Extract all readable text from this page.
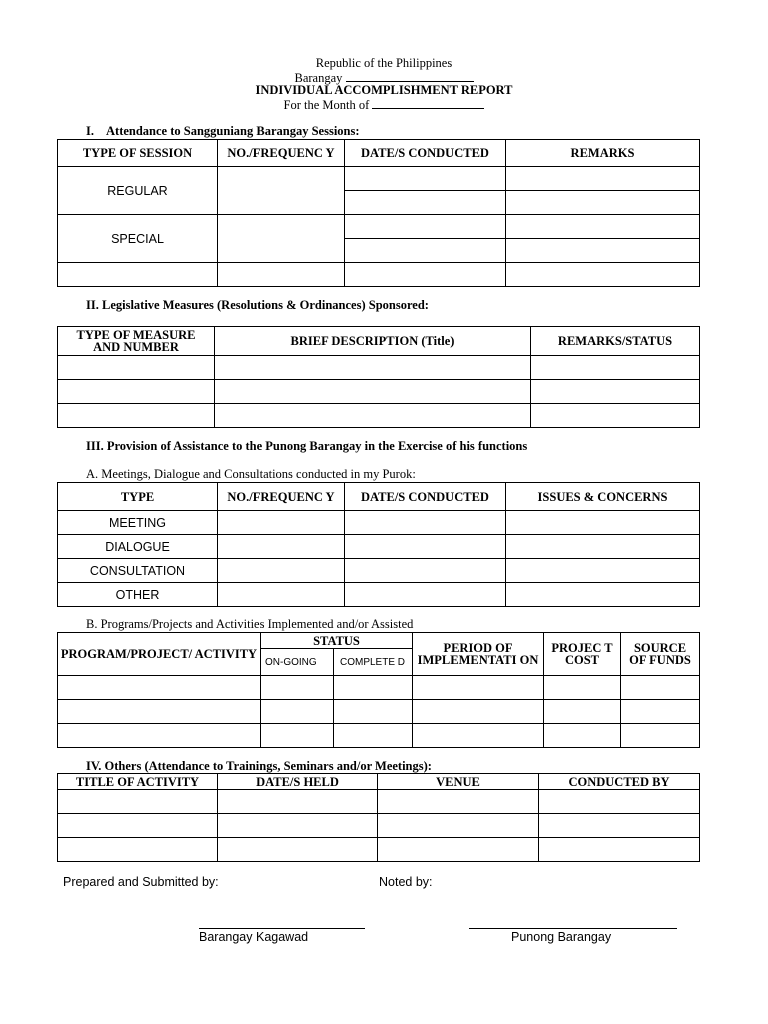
Republic of the Philippines
Barangay
INDIVIDUAL ACCOMPLISHMENT REPORT
For the Month of
I. Attendance to Sangguniang Barangay Sessions:
TYPE OF SESSION	NO./FREQUENC Y	DATE/S CONDUCTED	REMARKS
REGULAR			

SPECIAL			

II. Legislative Measures (Resolutions & Ordinances) Sponsored:
TYPE OF MEASURE AND NUMBER	BRIEF DESCRIPTION (Title)	REMARKS/STATUS

III. Provision of Assistance to the Punong Barangay in the Exercise of his functions
A. Meetings, Dialogue and Consultations conducted in my Purok:
TYPE	NO./FREQUENC Y	DATE/S CONDUCTED	ISSUES & CONCERNS
MEETING			
DIALOGUE			
CONSULTATION			
OTHER			
B. Programs/Projects and Activities Implemented and/or Assisted
PROGRAM/PROJECT/ ACTIVITY	STATUS		PERIOD OF IMPLEMENTATI ON	PROJEC T COST	SOURCE OF FUNDS
	ON-GOING	COMPLETE D			

IV. Others (Attendance to Trainings, Seminars and/or Meetings):
TITLE OF ACTIVITY	DATE/S HELD	VENUE	CONDUCTED BY

Prepared and Submitted by:	Noted by:
Barangay Kagawad	Punong Barangay
